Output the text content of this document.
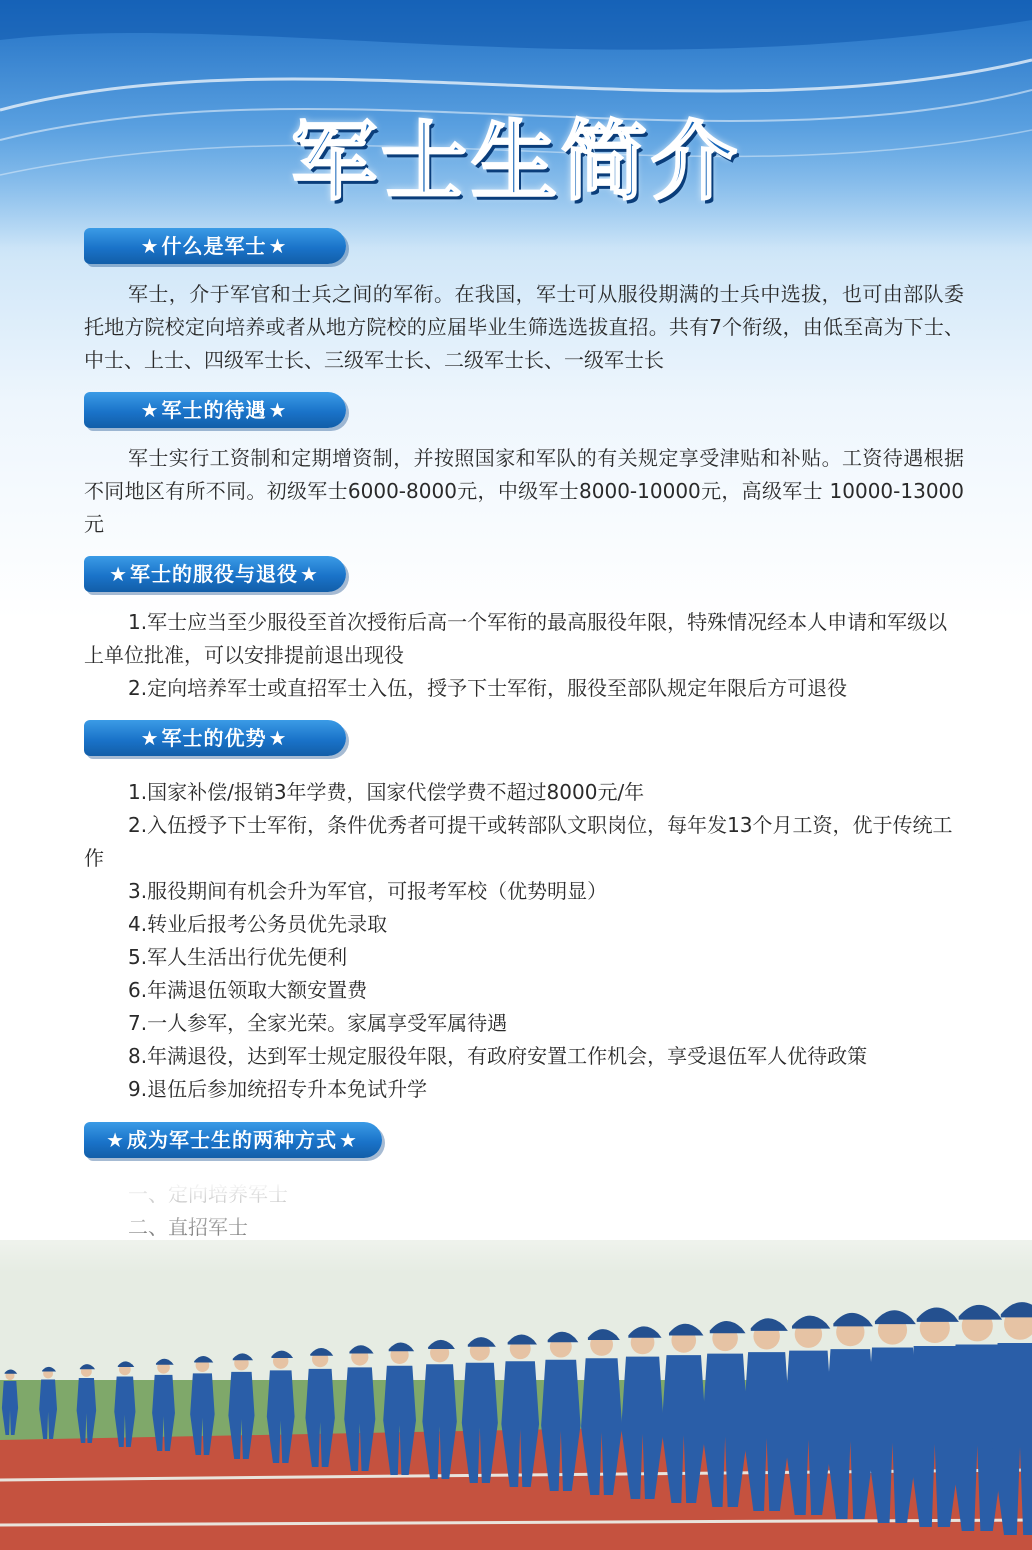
军士生简介
★ 什么是军士 ★

军士，介于军官和士兵之间的军衔。在我国，军士可从服役期满的士兵中选拔，也可由部队委托地方院校定向培养或者从地方院校的应届毕业生筛选选拔直招。共有7个衔级，由低至高为下士、中士、上士、四级军士长、三级军士长、二级军士长、一级军士长

★ 军士的待遇 ★

军士实行工资制和定期增资制，并按照国家和军队的有关规定享受津贴和补贴。工资待遇根据不同地区有所不同。初级军士6000-8000元，中级军士8000-10000元，高级军士 10000-13000元

★ 军士的服役与退役 ★

1.军士应当至少服役至首次授衔后高一个军衔的最高服役年限，特殊情况经本人申请和军级以上单位批准，可以安排提前退出现役

2.定向培养军士或直招军士入伍，授予下士军衔，服役至部队规定年限后方可退役

★ 军士的优势 ★

1.国家补偿/报销3年学费，国家代偿学费不超过8000元/年

2.入伍授予下士军衔，条件优秀者可提干或转部队文职岗位，每年发13个月工资，优于传统工作

3.服役期间有机会升为军官，可报考军校（优势明显）

4.转业后报考公务员优先录取

5.军人生活出行优先便利

6.年满退伍领取大额安置费

7.一人参军，全家光荣。家属享受军属待遇

8.年满退役，达到军士规定服役年限，有政府安置工作机会，享受退伍军人优待政策

9.退伍后参加统招专升本免试升学

★ 成为军士生的两种方式 ★
